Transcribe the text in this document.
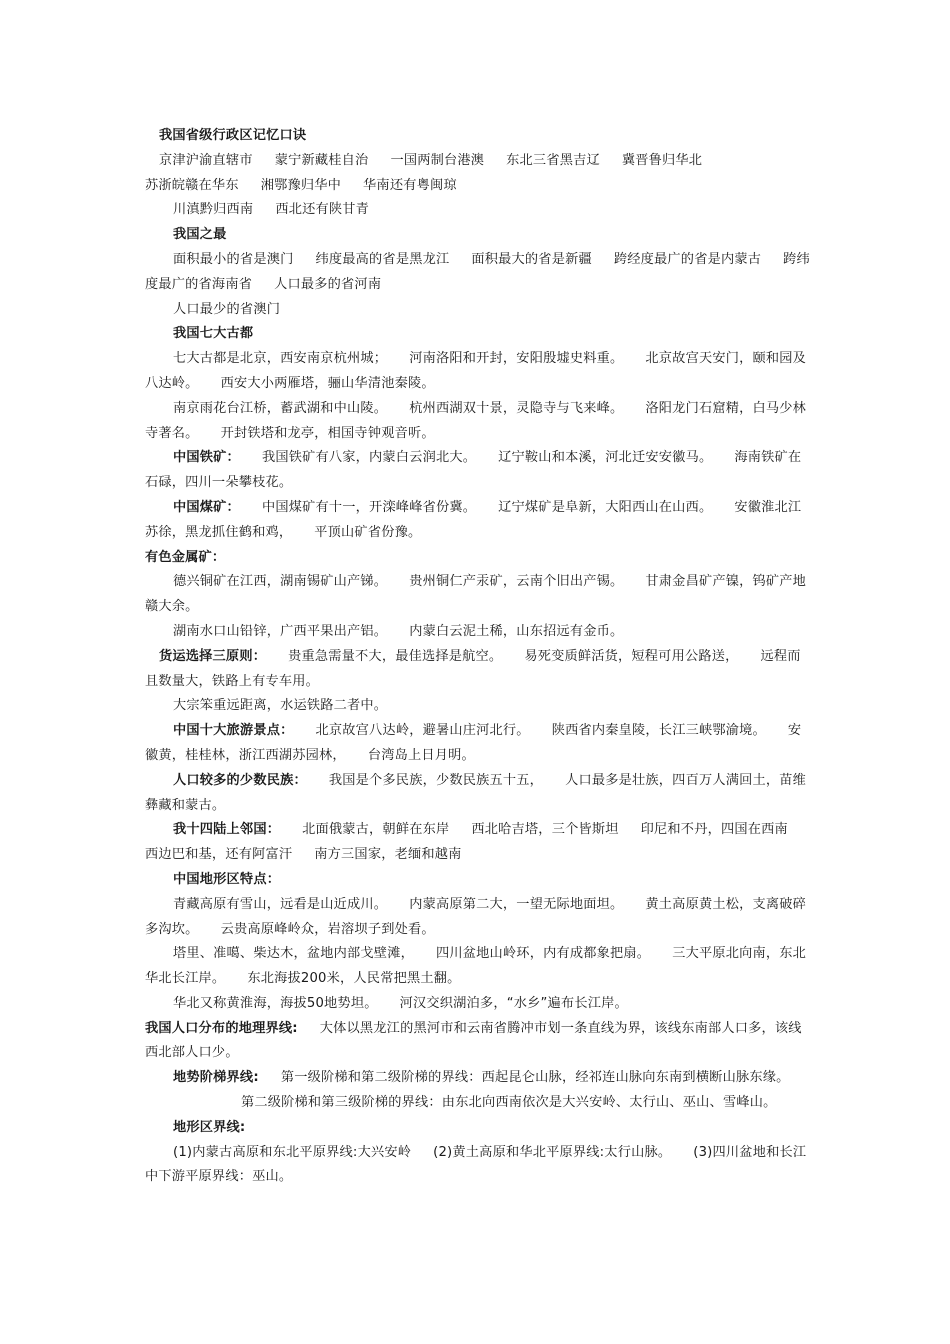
我国省级行政区记忆口诀

京津沪渝直辖市 蒙宁新藏桂自治 一国两制台港澳 东北三省黑吉辽 冀晋鲁归华北

苏浙皖赣在华东 湘鄂豫归华中 华南还有粤闽琼

川滇黔归西南 西北还有陕甘青

我国之最

面积最小的省是澳门 纬度最高的省是黑龙江 面积最大的省是新疆 跨经度最广的省是内蒙古 跨纬度最广的省海南省 人口最多的省河南

人口最少的省澳门

我国七大古都

七大古都是北京，西安南京杭州城； 河南洛阳和开封，安阳殷墟史料重。 北京故宫天安门，颐和园及八达岭。 西安大小两雁塔，骊山华清池秦陵。

南京雨花台江桥，蓄武湖和中山陵。 杭州西湖双十景，灵隐寺与飞来峰。 洛阳龙门石窟精，白马少林寺著名。 开封铁塔和龙亭，相国寺钟观音听。

中国铁矿： 我国铁矿有八家，内蒙白云润北大。 辽宁鞍山和本溪，河北迁安安徽马。 海南铁矿在石碌，四川一朵攀枝花。

中国煤矿： 中国煤矿有十一，开滦峰峰省份冀。 辽宁煤矿是阜新，大阳西山在山西。 安徽淮北江苏徐，黑龙抓住鹤和鸡， 平顶山矿省份豫。

有色金属矿：

德兴铜矿在江西，湖南锡矿山产锑。 贵州铜仁产汞矿，云南个旧出产锡。 甘肃金昌矿产镍，钨矿产地赣大余。

湖南水口山铅锌，广西平果出产铝。 内蒙白云泥土稀，山东招远有金币。

货运选择三原则： 贵重急需量不大，最佳选择是航空。 易死变质鲜活货，短程可用公路送， 远程而且数量大，铁路上有专车用。

大宗笨重远距离，水运铁路二者中。

中国十大旅游景点： 北京故宫八达岭，避暑山庄河北行。 陕西省内秦皇陵，长江三峡鄂渝境。 安徽黄，桂桂林，浙江西湖苏园林， 台湾岛上日月明。

人口较多的少数民族： 我国是个多民族，少数民族五十五， 人口最多是壮族，四百万人满回土，苗维彝藏和蒙古。

我十四陆上邻国： 北面俄蒙古，朝鲜在东岸 西北哈吉塔，三个皆斯坦 印尼和不丹，四国在西南西边巴和基，还有阿富汗 南方三国家，老缅和越南

中国地形区特点：

青藏高原有雪山，远看是山近成川。 内蒙高原第二大，一望无际地面坦。 黄土高原黄土松，支离破碎多沟坎。 云贵高原峰岭众，岩溶坝子到处看。

塔里、准噶、柴达木，盆地内部戈壁滩， 四川盆地山岭环，内有成都象把扇。 三大平原北向南，东北华北长江岸。 东北海拔200米，人民常把黑土翻。

华北又称黄淮海，海拔50地势坦。 河汉交织湖泊多，“水乡”遍布长江岸。

我国人口分布的地理界线: 大体以黑龙江的黑河市和云南省腾冲市划一条直线为界，该线东南部人口多，该线西北部人口少。

地势阶梯界线: 第一级阶梯和第二级阶梯的界线：西起昆仑山脉，经祁连山脉向东南到横断山脉东缘。

第二级阶梯和第三级阶梯的界线：由东北向西南依次是大兴安岭、太行山、巫山、雪峰山。

地形区界线:

(1)内蒙古高原和东北平原界线:大兴安岭 (2)黄土高原和华北平原界线:太行山脉。 (3)四川盆地和长江中下游平原界线：巫山。
